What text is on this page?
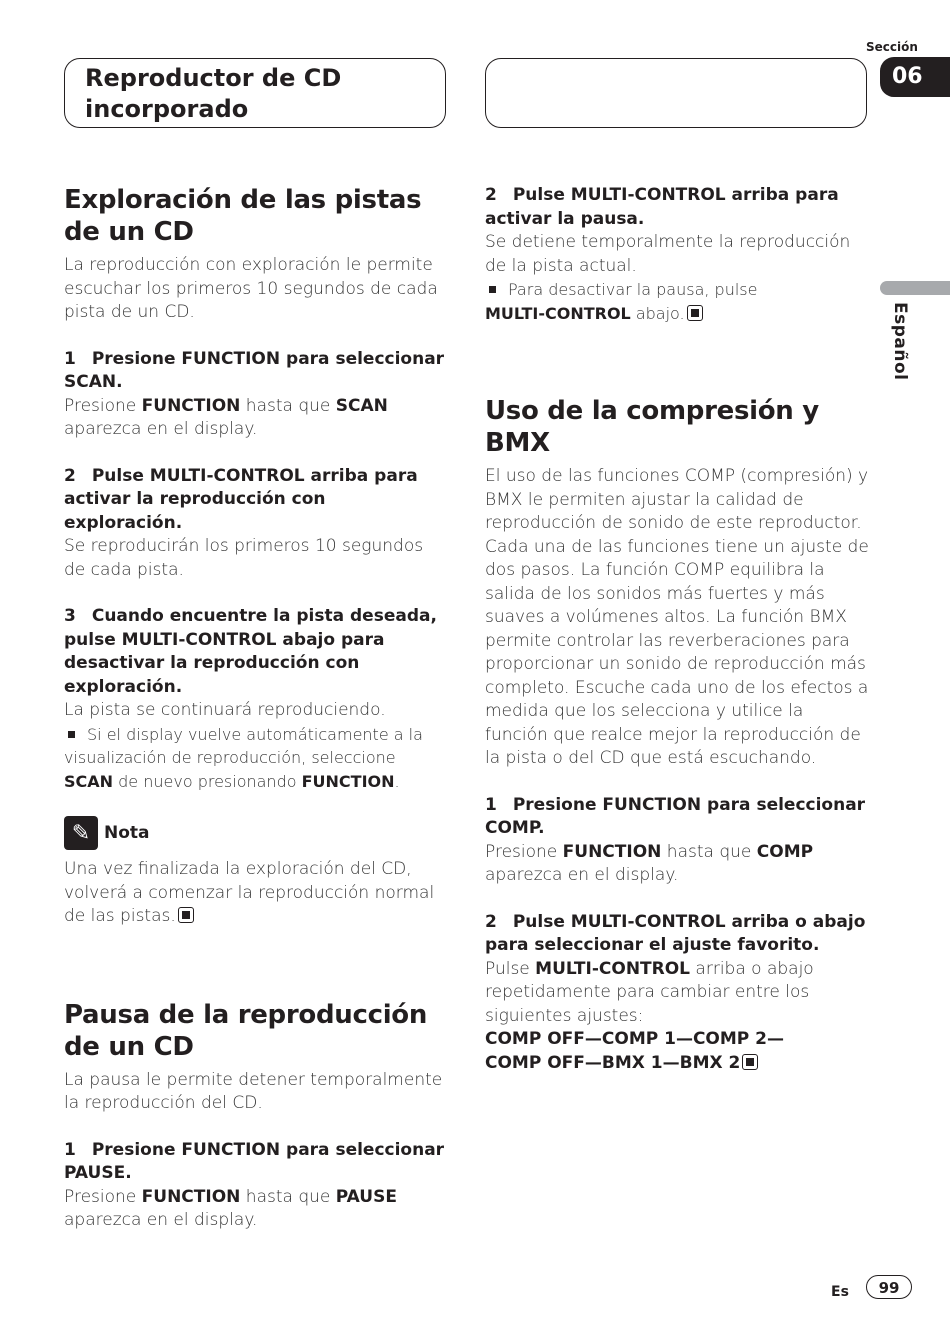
Reproductor de CD
incorporado
Sección
06
Español
Exploración de las pistas de un CD

La reproducción con exploración le permite escuchar los primeros 10 segundos de cada pista de un CD.

1 Presione FUNCTION para seleccionar SCAN.

Presione FUNCTION hasta que SCAN aparezca en el display.

2 Pulse MULTI-CONTROL arriba para activar la reproducción con exploración.

Se reproducirán los primeros 10 segundos de cada pista.

3 Cuando encuentre la pista deseada, pulse MULTI-CONTROL abajo para desactivar la reproducción con exploración.

La pista se continuará reproduciendo.

Si el display vuelve automáticamente a la visualización de reproducción, seleccione SCAN de nuevo presionando FUNCTION.

✎ Nota

Una vez finalizada la exploración del CD, volverá a comenzar la reproducción normal de las pistas.

Pausa de la reproducción de un CD

La pausa le permite detener temporalmente la reproducción del CD.

1 Presione FUNCTION para seleccionar PAUSE.

Presione FUNCTION hasta que PAUSE aparezca en el display.

2 Pulse MULTI-CONTROL arriba para activar la pausa.

Se detiene temporalmente la reproducción de la pista actual.

Para desactivar la pausa, pulse
MULTI-CONTROL abajo.

Uso de la compresión y BMX

El uso de las funciones COMP (compresión) y BMX le permiten ajustar la calidad de reproducción de sonido de este reproductor. Cada una de las funciones tiene un ajuste de dos pasos. La función COMP equilibra la salida de los sonidos más fuertes y más suaves a volúmenes altos. La función BMX permite controlar las reverberaciones para proporcionar un sonido de reproducción más completo. Escuche cada uno de los efectos a medida que los selecciona y utilice la función que realce mejor la reproducción de la pista o del CD que está escuchando.

1 Presione FUNCTION para seleccionar COMP.

Presione FUNCTION hasta que COMP aparezca en el display.

2 Pulse MULTI-CONTROL arriba o abajo para seleccionar el ajuste favorito.

Pulse MULTI-CONTROL arriba o abajo repetidamente para cambiar entre los siguientes ajustes:

COMP OFF—COMP 1—COMP 2—

COMP OFF—BMX 1—BMX 2

Es	99
